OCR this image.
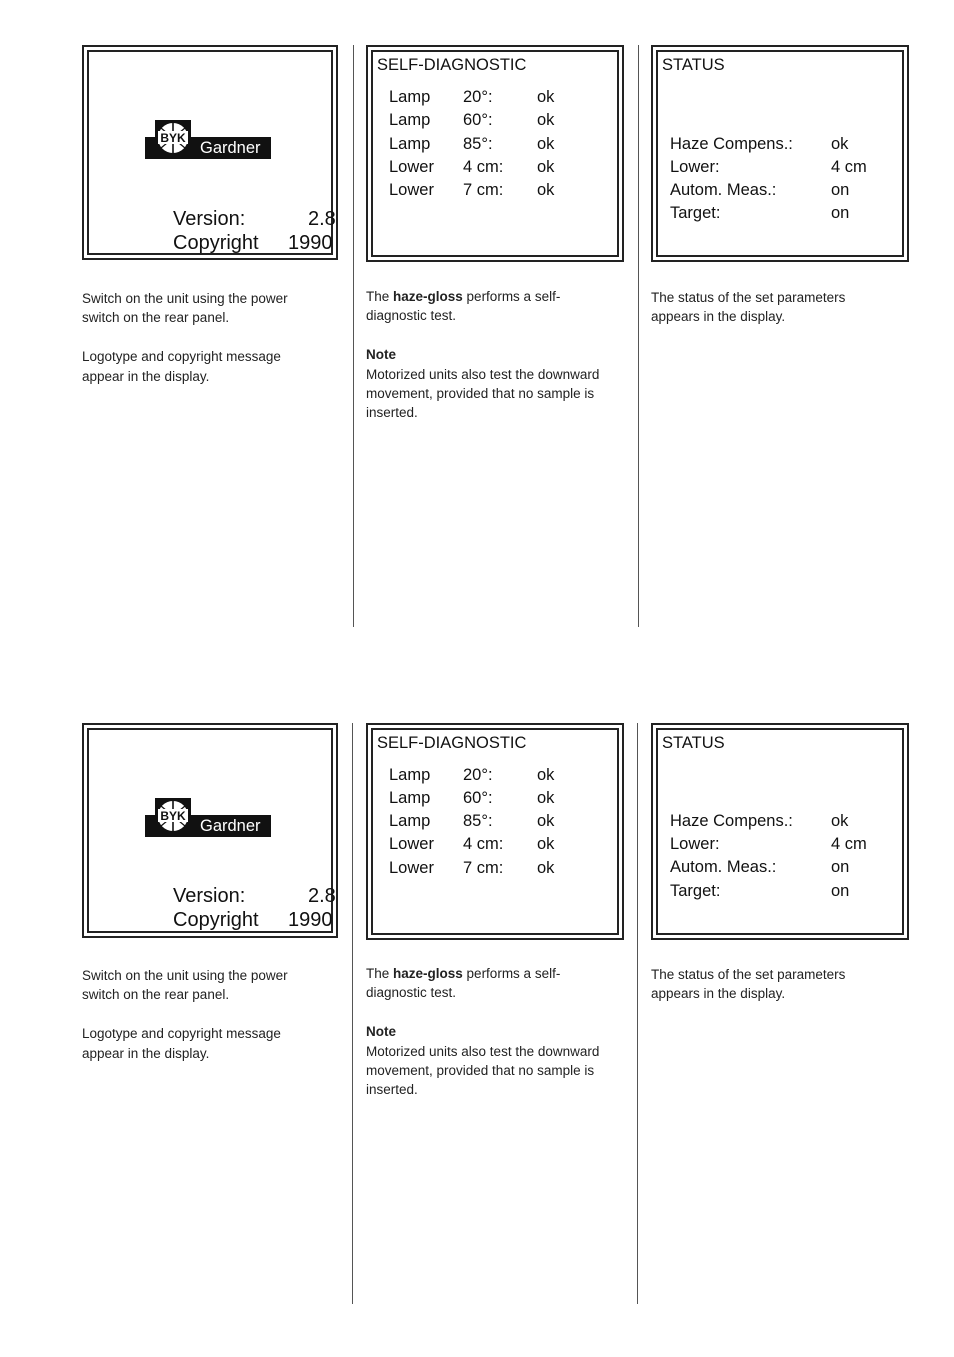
BYK
Gardner
Version:	2.8
Copyright 1990
SELF-DIAGNOSTIC
Lamp 20°:	ok
Lamp 60°:	ok
Lamp 85°:	ok
Lower 4 cm: ok
Lower 7 cm: ok
STATUS
Haze Compens.: ok
Lower:	4 cm
Autom. Meas.:	on
Target:	on

Switch on the unit using the power
switch on the rear panel.

Logotype and copyright message
appear in the display.

The haze-gloss performs a self-
diagnostic test.

Note
Motorized units also test the downward
movement, provided that no sample is
inserted.

The status of the set parameters
appears in the display.

BYK
Gardner
Version:	2.8
Copyright 1990
SELF-DIAGNOSTIC
Lamp 20°:	ok
Lamp 60°:	ok
Lamp 85°:	ok
Lower 4 cm: ok
Lower 7 cm: ok
STATUS
Haze Compens.: ok
Lower:	4 cm
Autom. Meas.:	on
Target:	on

Switch on the unit using the power
switch on the rear panel.

Logotype and copyright message
appear in the display.

The haze-gloss performs a self-
diagnostic test.

Note
Motorized units also test the downward
movement, provided that no sample is
inserted.

The status of the set parameters
appears in the display.
